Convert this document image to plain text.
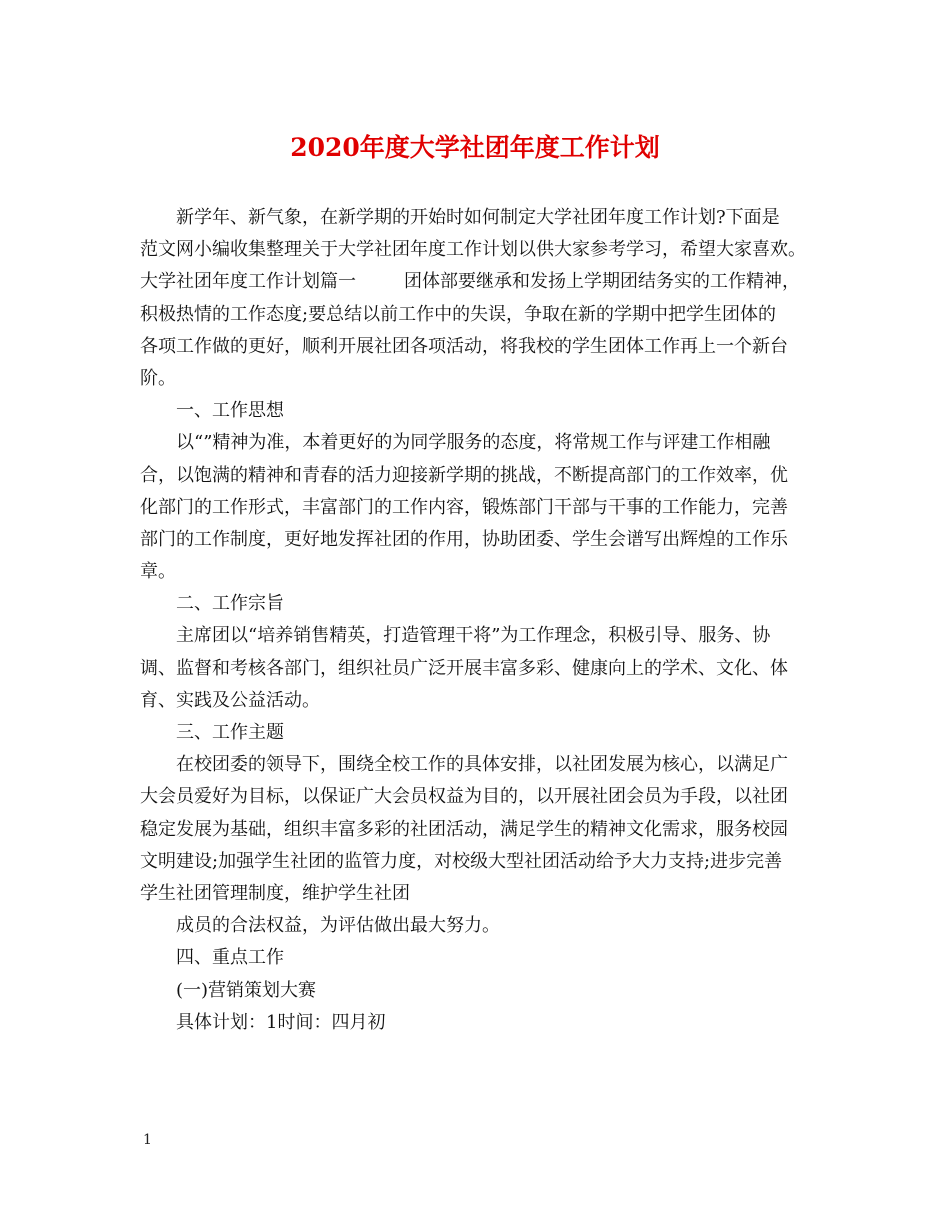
2020年度大学社团年度工作计划
新学年、新气象，在新学期的开始时如何制定大学社团年度工作计划?下面是
范文网小编收集整理关于大学社团年度工作计划以供大家参考学习，希望大家喜欢。
大学社团年度工作计划篇一	团体部要继承和发扬上学期团结务实的工作精神，
积极热情的工作态度;要总结以前工作中的失误，争取在新的学期中把学生团体的
各项工作做的更好，顺利开展社团各项活动，将我校的学生团体工作再上一个新台
阶。
一、工作思想
以“”精神为准，本着更好的为同学服务的态度，将常规工作与评建工作相融
合，以饱满的精神和青春的活力迎接新学期的挑战，不断提高部门的工作效率，优
化部门的工作形式，丰富部门的工作内容，锻炼部门干部与干事的工作能力，完善
部门的工作制度，更好地发挥社团的作用，协助团委、学生会谱写出辉煌的工作乐
章。
二、工作宗旨
主席团以“培养销售精英，打造管理干将”为工作理念，积极引导、服务、协
调、监督和考核各部门，组织社员广泛开展丰富多彩、健康向上的学术、文化、体
育、实践及公益活动。
三、工作主题
在校团委的领导下，围绕全校工作的具体安排，以社团发展为核心，以满足广
大会员爱好为目标，以保证广大会员权益为目的，以开展社团会员为手段，以社团
稳定发展为基础，组织丰富多彩的社团活动，满足学生的精神文化需求，服务校园
文明建设;加强学生社团的监管力度，对校级大型社团活动给予大力支持;进步完善
学生社团管理制度，维护学生社团
成员的合法权益，为评估做出最大努力。
四、重点工作
(一)营销策划大赛
具体计划：1时间：四月初
1
